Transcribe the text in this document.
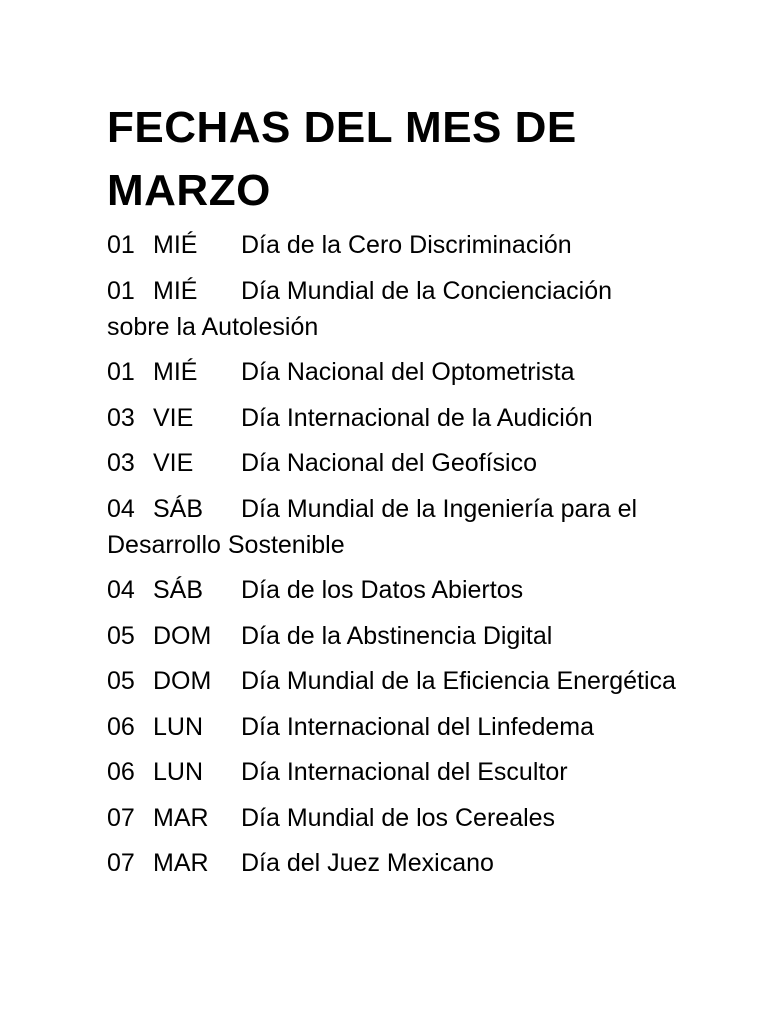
FECHAS DEL MES DE MARZO
01 MIÉ Día de la Cero Discriminación
01 MIÉ Día Mundial de la Concienciación sobre la Autolesión
01 MIÉ Día Nacional del Optometrista
03 VIE Día Internacional de la Audición
03 VIE Día Nacional del Geofísico
04 SÁB Día Mundial de la Ingeniería para el Desarrollo Sostenible
04 SÁB Día de los Datos Abiertos
05 DOM Día de la Abstinencia Digital
05 DOM Día Mundial de la Eficiencia Energética
06 LUN Día Internacional del Linfedema
06 LUN Día Internacional del Escultor
07 MAR Día Mundial de los Cereales
07 MAR Día del Juez Mexicano
